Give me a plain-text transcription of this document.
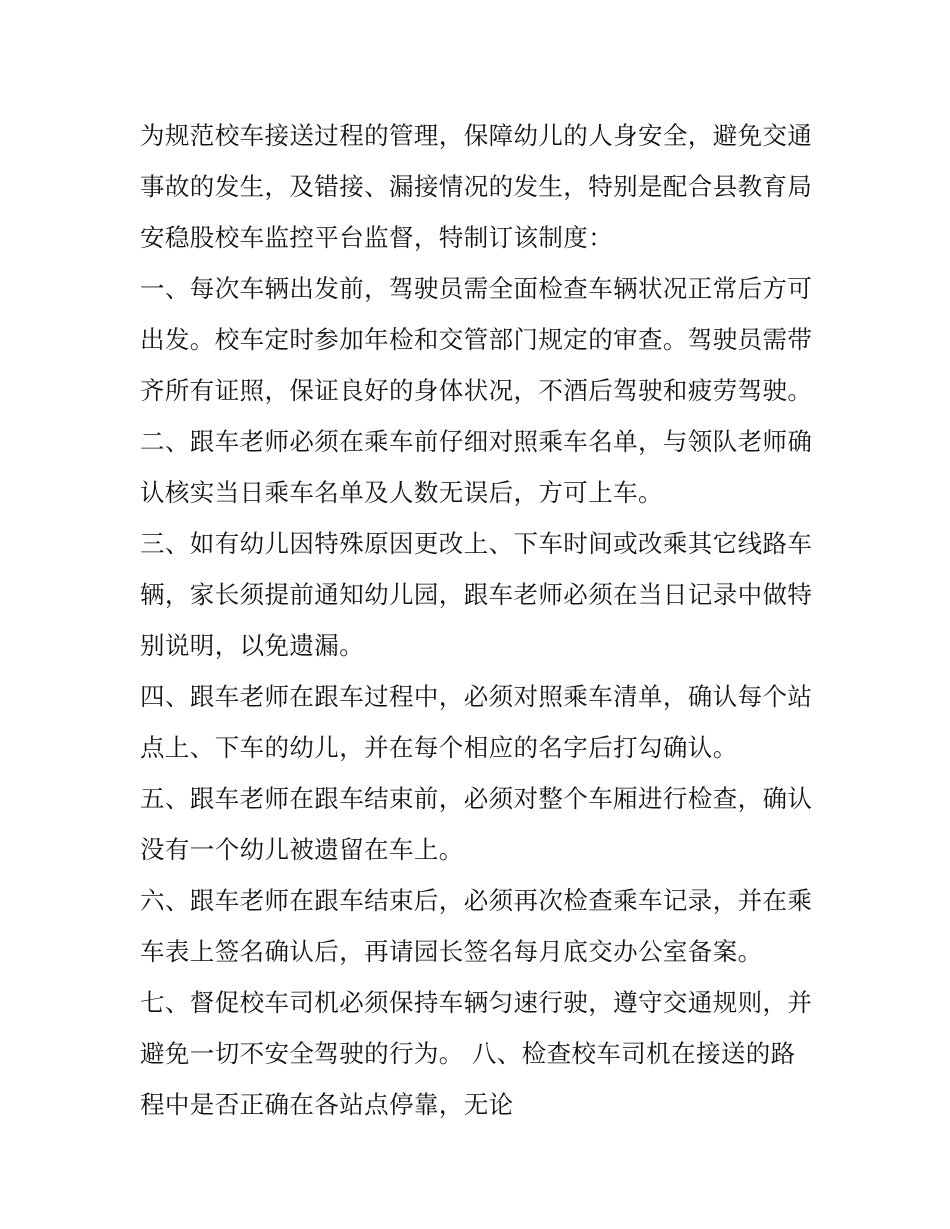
为规范校车接送过程的管理，保障幼儿的人身安全，避免交通
事故的发生，及错接、漏接情况的发生，特别是配合县教育局
安稳股校车监控平台监督，特制订该制度：
一、每次车辆出发前，驾驶员需全面检查车辆状况正常后方可
出发。校车定时参加年检和交管部门规定的审查。驾驶员需带
齐所有证照，保证良好的身体状况，不酒后驾驶和疲劳驾驶。
二、跟车老师必须在乘车前仔细对照乘车名单，与领队老师确
认核实当日乘车名单及人数无误后，方可上车。
三、如有幼儿因特殊原因更改上、下车时间或改乘其它线路车
辆，家长须提前通知幼儿园，跟车老师必须在当日记录中做特
别说明，以免遗漏。
四、跟车老师在跟车过程中，必须对照乘车清单，确认每个站
点上、下车的幼儿，并在每个相应的名字后打勾确认。
五、跟车老师在跟车结束前，必须对整个车厢进行检查，确认
没有一个幼儿被遗留在车上。
六、跟车老师在跟车结束后，必须再次检查乘车记录，并在乘
车表上签名确认后，再请园长签名每月底交办公室备案。
七、督促校车司机必须保持车辆匀速行驶，遵守交通规则，并
避免一切不安全驾驶的行为。 八、检查校车司机在接送的路
程中是否正确在各站点停靠，无论
